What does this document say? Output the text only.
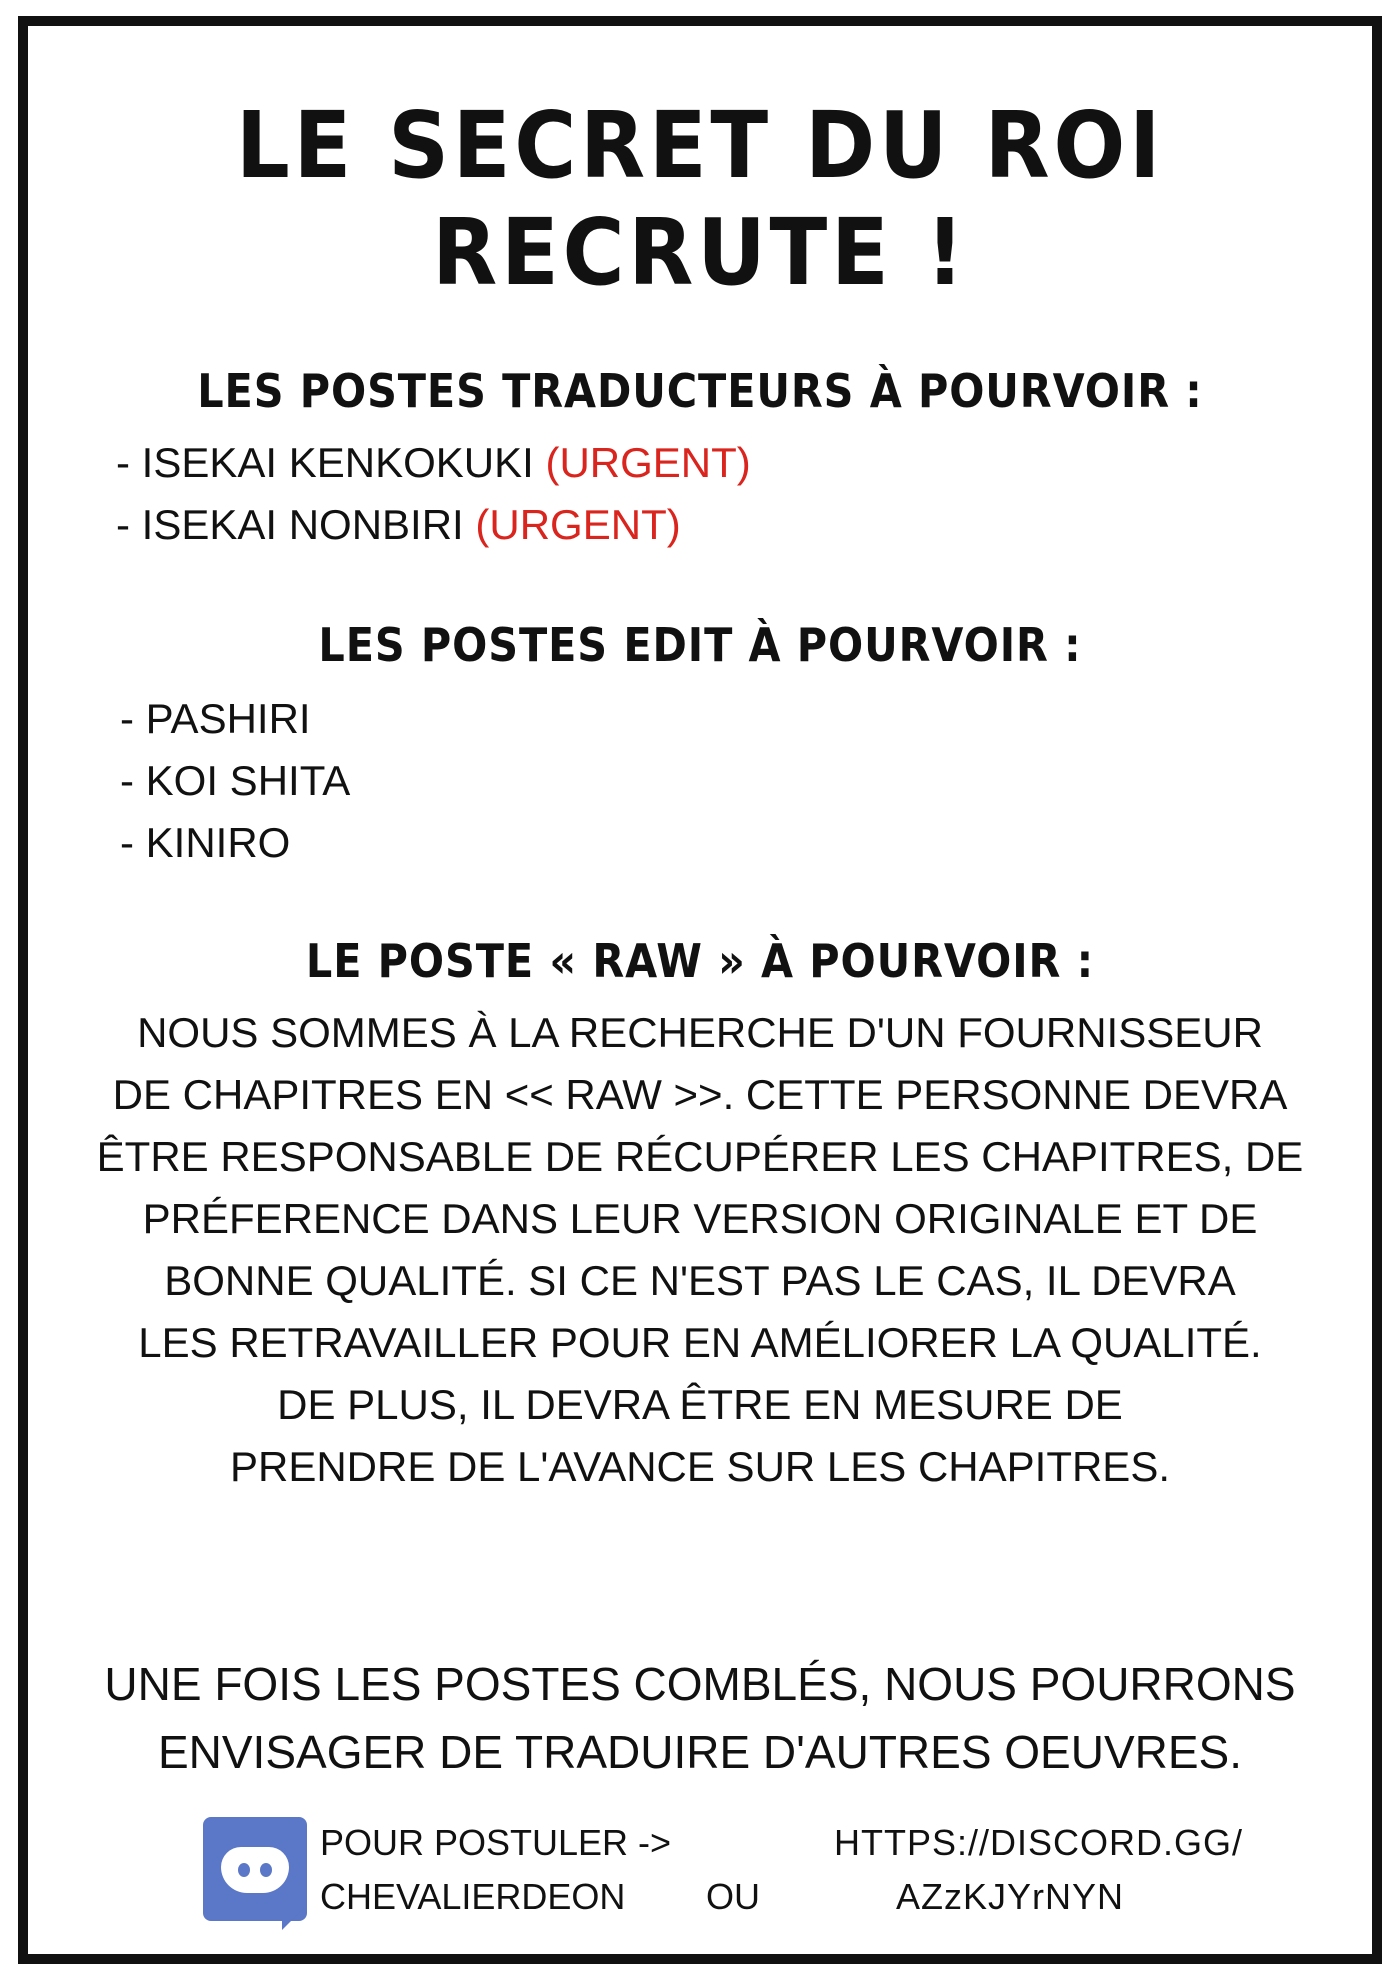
LE SECRET DU ROI RECRUTE !
LES POSTES TRADUCTEURS À POURVOIR :
- ISEKAI KENKOKUKI (URGENT)
- ISEKAI NONBIRI (URGENT)
LES POSTES EDIT À POURVOIR :
- PASHIRI
- KOI SHITA
- KINIRO
LE POSTE « RAW » À POURVOIR :
NOUS SOMMES À LA RECHERCHE D'UN FOURNISSEUR
DE CHAPITRES EN << RAW >>. CETTE PERSONNE DEVRA
ÊTRE RESPONSABLE DE RÉCUPÉRER LES CHAPITRES, DE
PRÉFERENCE DANS LEUR VERSION ORIGINALE ET DE
BONNE QUALITÉ. SI CE N'EST PAS LE CAS, IL DEVRA
LES RETRAVAILLER POUR EN AMÉLIORER LA QUALITÉ.
DE PLUS, IL DEVRA ÊTRE EN MESURE DE
PRENDRE DE L'AVANCE SUR LES CHAPITRES.
UNE FOIS LES POSTES COMBLÉS, NOUS POURRONS
ENVISAGER DE TRADUIRE D'AUTRES OEUVRES.
POUR POSTULER ->
CHEVALIERDEON OU
HTTPS://DISCORD.GG/
AZzKJYrNYN
